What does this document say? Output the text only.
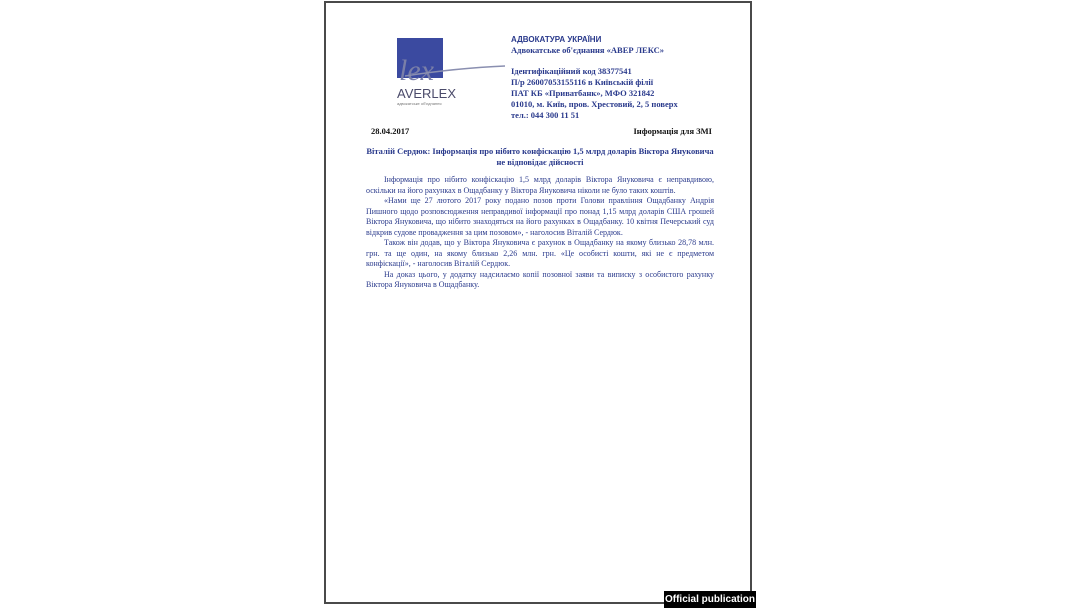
lex
AVERLEX
адвокатське об'єднання
АДВОКАТУРА УКРАЇНИ
Адвокатське об'єднання «АВЕР ЛЕКС»
Ідентифікаційний код 38377541
П/р 26007053155116 в Київській філії
ПАТ КБ «Приватбанк», МФО 321842
01010, м. Київ, пров. Хрестовий, 2, 5 поверх
тел.: 044 300 11 51
28.04.2017	Інформація для ЗМІ
Віталій Сердюк: Інформація про нібито конфіскацію 1,5 млрд доларів Віктора Януковича не відповідає дійсності

Інформація про нібито конфіскацію 1,5 млрд доларів Віктора Януковича є неправдивою, оскільки на його рахунках в Ощадбанку у Віктора Януковича ніколи не було таких коштів.

«Нами ще 27 лютого 2017 року подано позов проти Голови правління Ощадбанку Андрія Пишного щодо розповсюдження неправдивої інформації про понад 1,15 млрд доларів США грошей Віктора Януковича, що нібито знаходяться на його рахунках в Ощадбанку. 10 квітня Печерський суд відкрив судове провадження за цим позовом», - наголосив Віталій Сердюк.

Також він додав, що у Віктора Януковича є рахунок в Ощадбанку на якому близько 28,78 млн. грн. та ще один, на якому близько 2,26 млн. грн. «Це особисті кошти, які не є предметом конфіскації», - наголосив Віталій Сердюк.

На доказ цього, у додатку надсилаємо копії позовної заяви та виписку з особистого рахунку Віктора Януковича в Ощадбанку.

Official publication
